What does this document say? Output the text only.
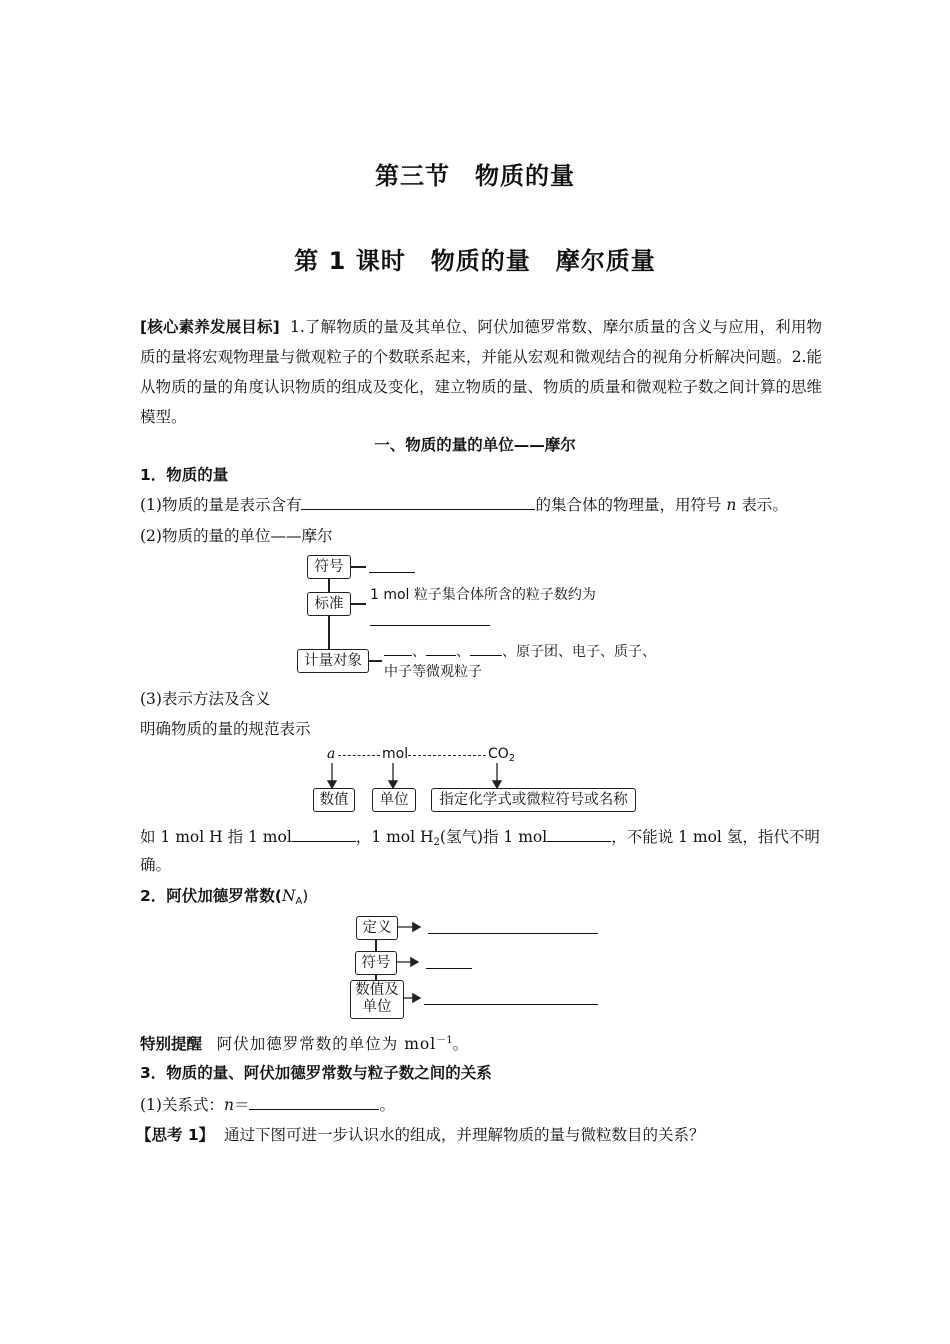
第三节　物质的量
第 1 课时　物质的量　摩尔质量
[核心素养发展目标] 1.了解物质的量及其单位、阿伏加德罗常数、摩尔质量的含义与应用，利用物质的量将宏观物理量与微观粒子的个数联系起来，并能从宏观和微观结合的视角分析解决问题。2.能从物质的量的角度认识物质的组成及变化，建立物质的量、物质的质量和微观粒子数之间计算的思维模型。
一、物质的量的单位——摩尔
1．物质的量
(1)物质的量是表示含有	的集合体的物理量，用符号 n 表示。
(2)物质的量的单位——摩尔
符号
标准
1 mol 粒子集合体所含的粒子数约为
计量对象
、 、 、原子团、电子、质子、
中子等微观粒子
(3)表示方法及含义
明确物质的量的规范表示
a	mol	$CO_2$
数值	单位	指定化学式或微粒符号或名称
如 1 mol H 指 1 mol	，1 mol $H_2$(氢气)指 1 mol	，不能说 1 mol 氢，指代不明
确。
2．阿伏加德罗常数$(N_A)$
定义
符号
数值及
单位
特别提醒 阿伏加德罗常数的单位为 mol$^{-1}$。
3．物质的量、阿伏加德罗常数与粒子数之间的关系
(1)关系式：n＝	。
【思考 1】 通过下图可进一步认识水的组成，并理解物质的量与微粒数目的关系？
